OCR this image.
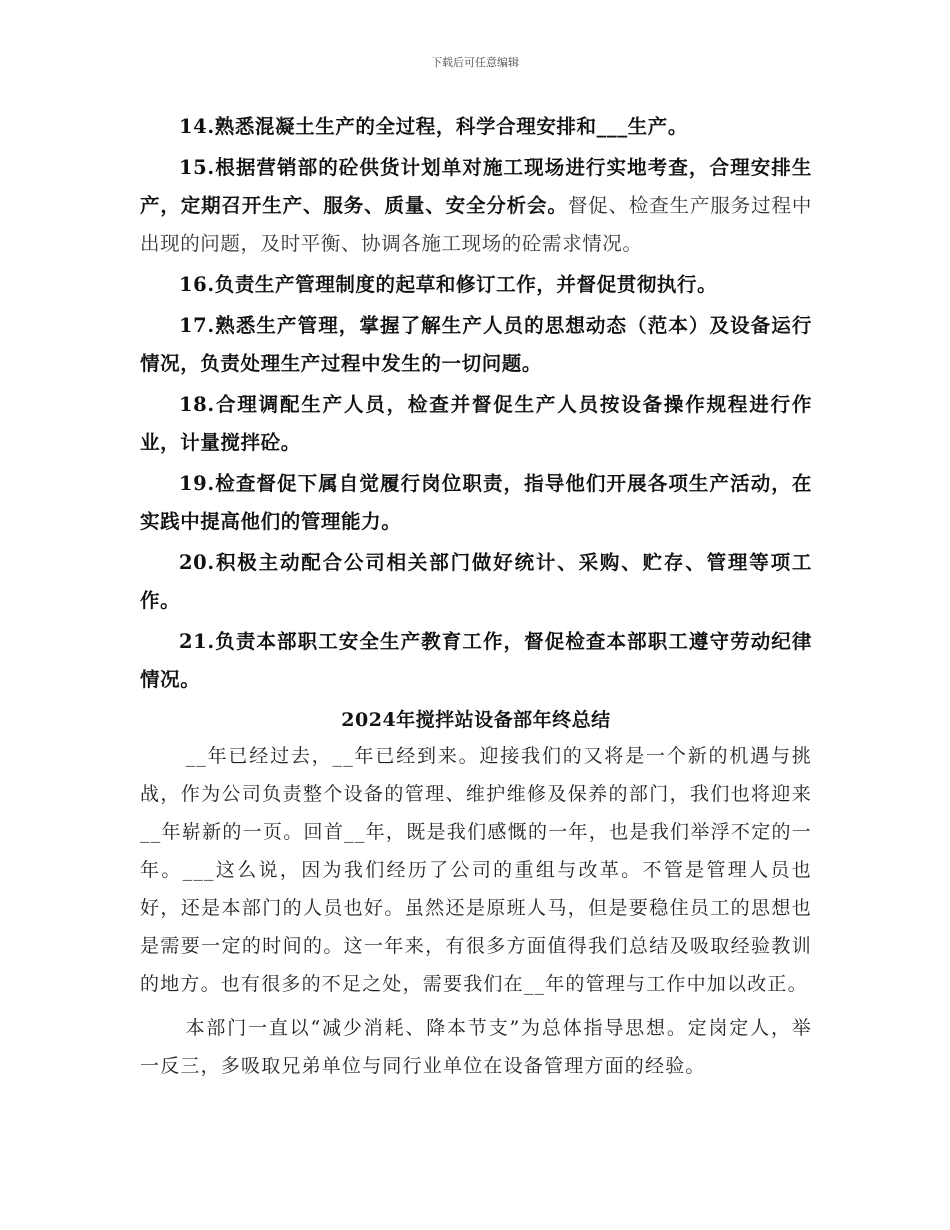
下载后可任意编辑

14.熟悉混凝土生产的全过程，科学合理安排和___生产。

15.根据营销部的砼供货计划单对施工现场进行实地考查，合理安排生产，定期召开生产、服务、质量、安全分析会。督促、检查生产服务过程中出现的问题，及时平衡、协调各施工现场的砼需求情况。

16.负责生产管理制度的起草和修订工作，并督促贯彻执行。

17.熟悉生产管理，掌握了解生产人员的思想动态（范本）及设备运行情况，负责处理生产过程中发生的一切问题。

18.合理调配生产人员，检查并督促生产人员按设备操作规程进行作业，计量搅拌砼。

19.检查督促下属自觉履行岗位职责，指导他们开展各项生产活动，在实践中提高他们的管理能力。

20.积极主动配合公司相关部门做好统计、采购、贮存、管理等项工作。

21.负责本部职工安全生产教育工作，督促检查本部职工遵守劳动纪律情况。

2024年搅拌站设备部年终总结

__年已经过去，__年已经到来。迎接我们的又将是一个新的机遇与挑战，作为公司负责整个设备的管理、维护维修及保养的部门，我们也将迎来__年崭新的一页。回首__年，既是我们感慨的一年，也是我们举浮不定的一年。___这么说，因为我们经历了公司的重组与改革。不管是管理人员也好，还是本部门的人员也好。虽然还是原班人马，但是要稳住员工的思想也是需要一定的时间的。这一年来，有很多方面值得我们总结及吸取经验教训的地方。也有很多的不足之处，需要我们在__年的管理与工作中加以改正。

本部门一直以“减少消耗、降本节支”为总体指导思想。定岗定人，举一反三，多吸取兄弟单位与同行业单位在设备管理方面的经验。
